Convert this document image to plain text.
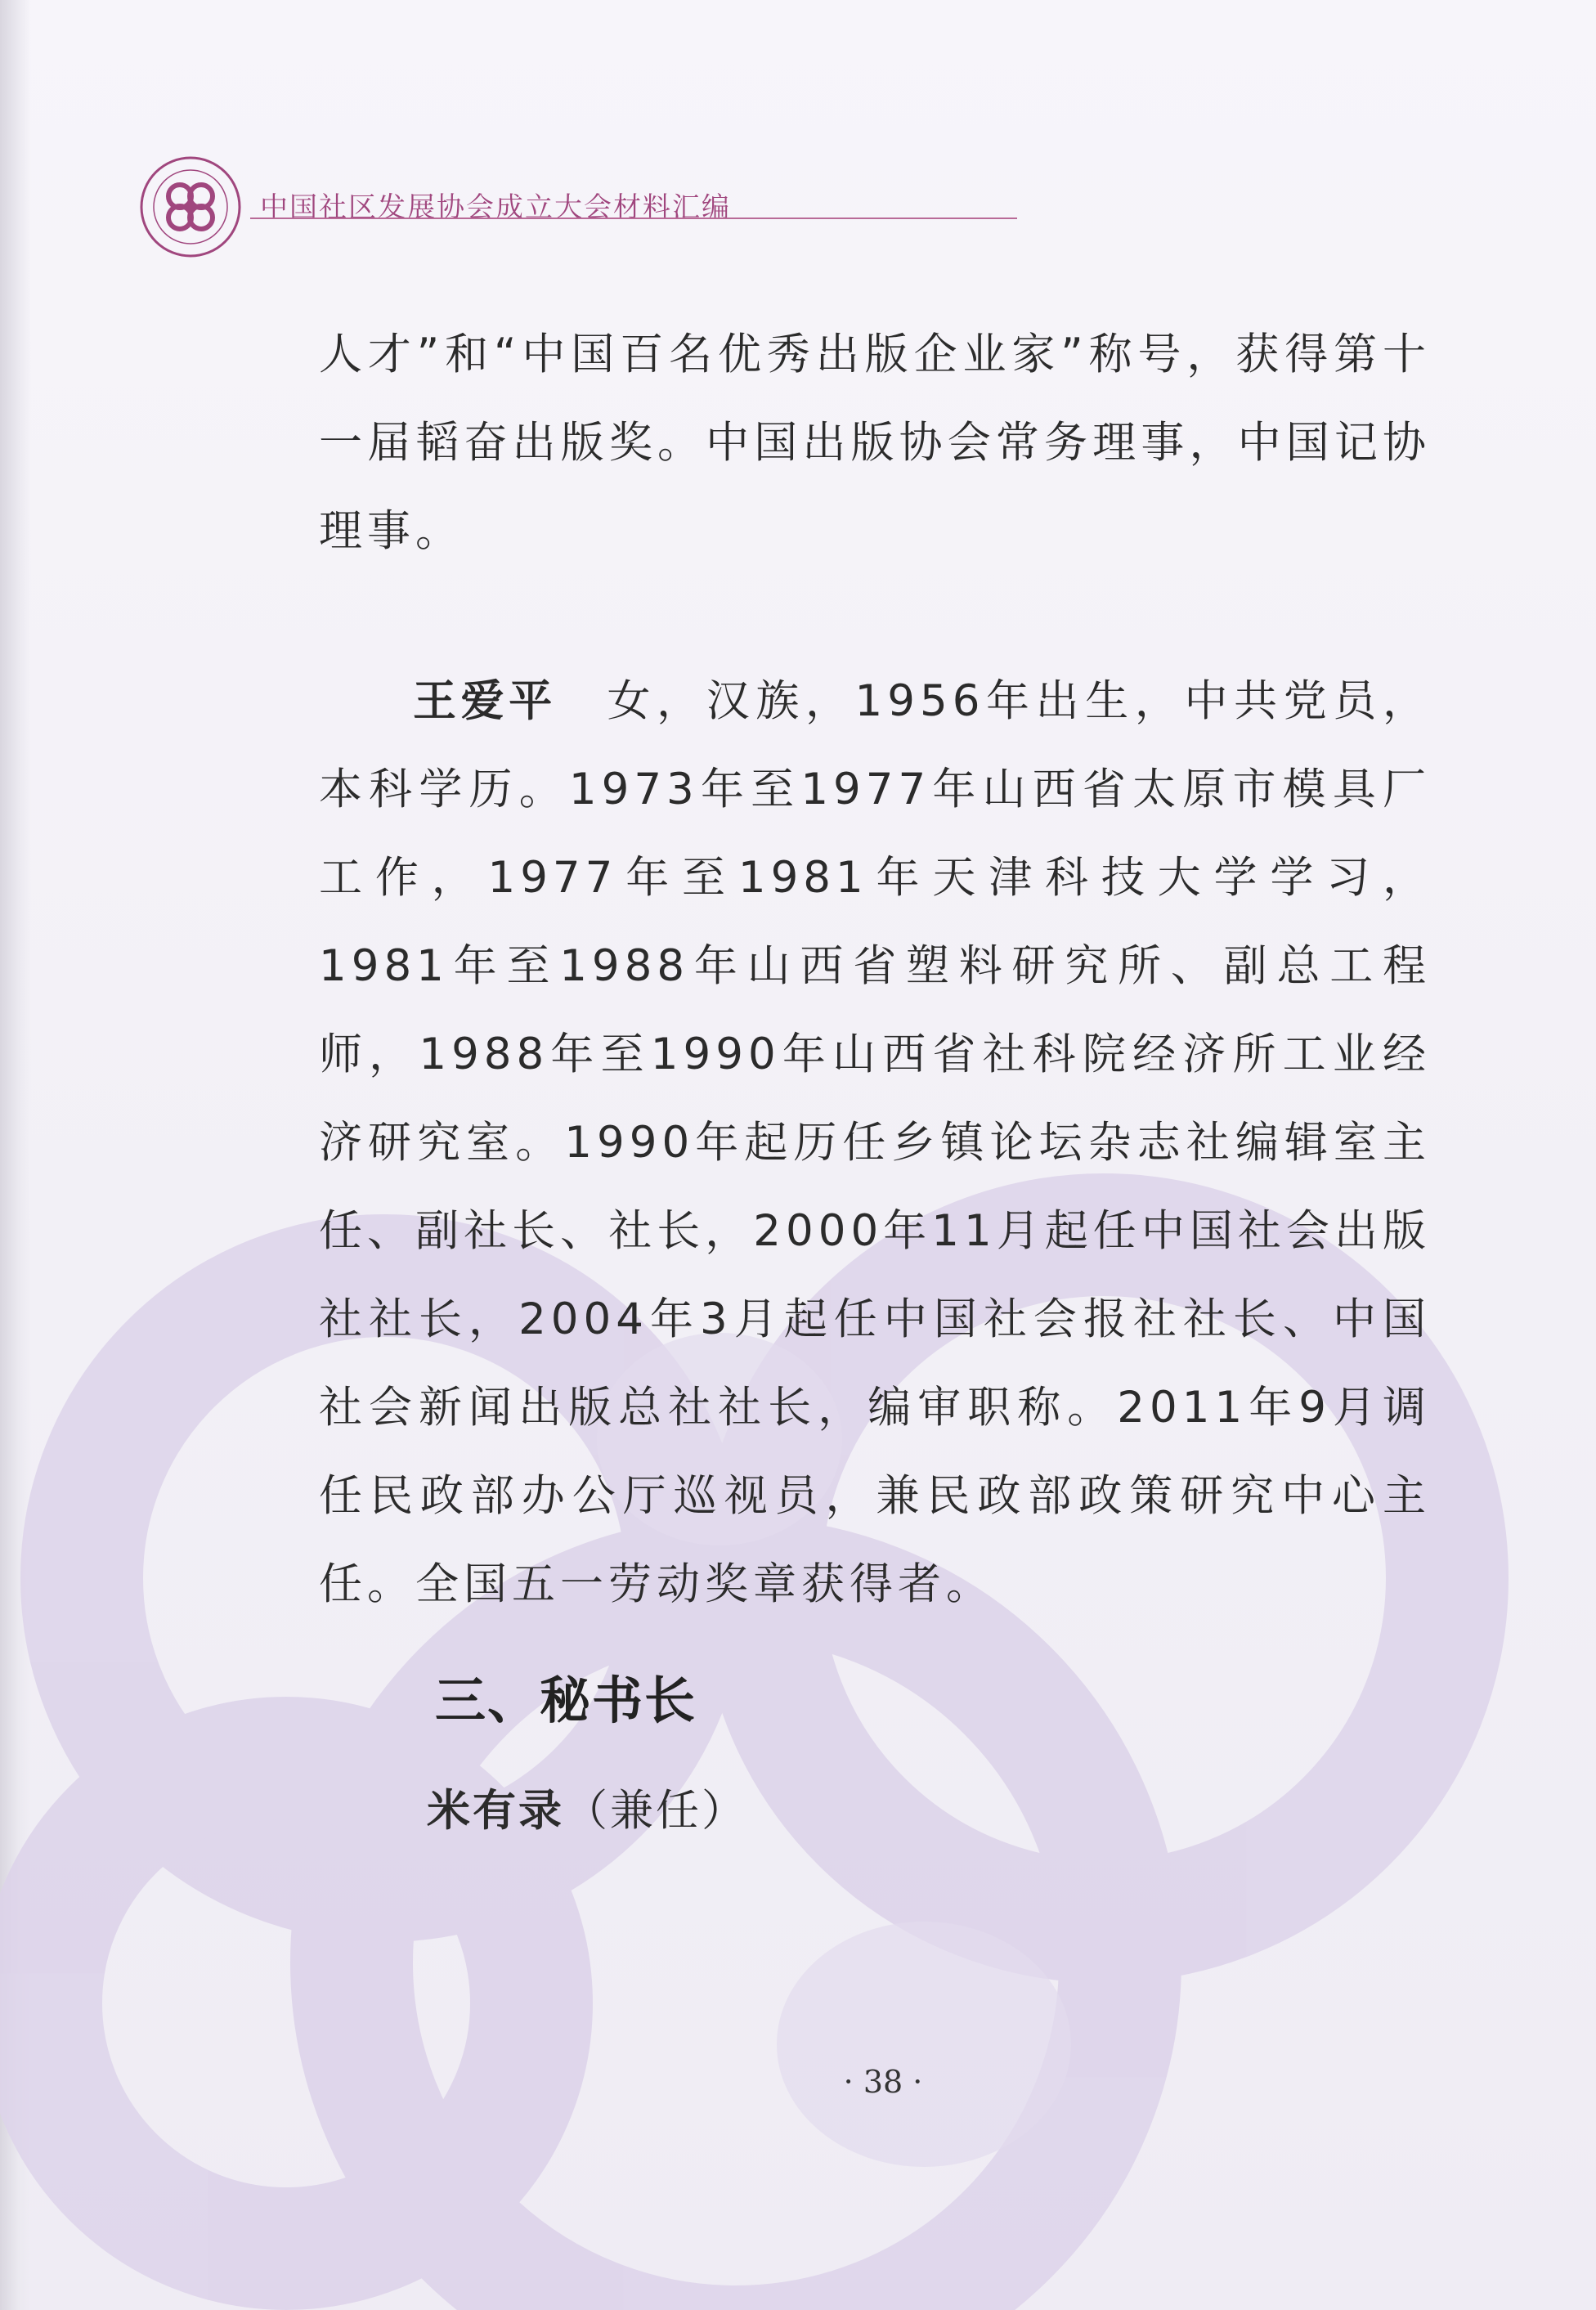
中国社区发展协会成立大会材料汇编
人才”和“中国百名优秀出版企业家”称号，获得第十一届韬奋出版奖。中国出版协会常务理事，中国记协理事。
王爱平 女，汉族，1956年出生，中共党员，本科学历。1973年至1977年山西省太原市模具厂工作，1977年至1981年天津科技大学学习，1981年至1988年山西省塑料研究所、副总工程师，1988年至1990年山西省社科院经济所工业经济研究室。1990年起历任乡镇论坛杂志社编辑室主任、副社长、社长，2000年11月起任中国社会出版社社长，2004年3月起任中国社会报社社长、中国社会新闻出版总社社长，编审职称。2011年9月调任民政部办公厅巡视员，兼民政部政策研究中心主任。全国五一劳动奖章获得者。
三、秘书长
米有录（兼任）
· 38 ·
